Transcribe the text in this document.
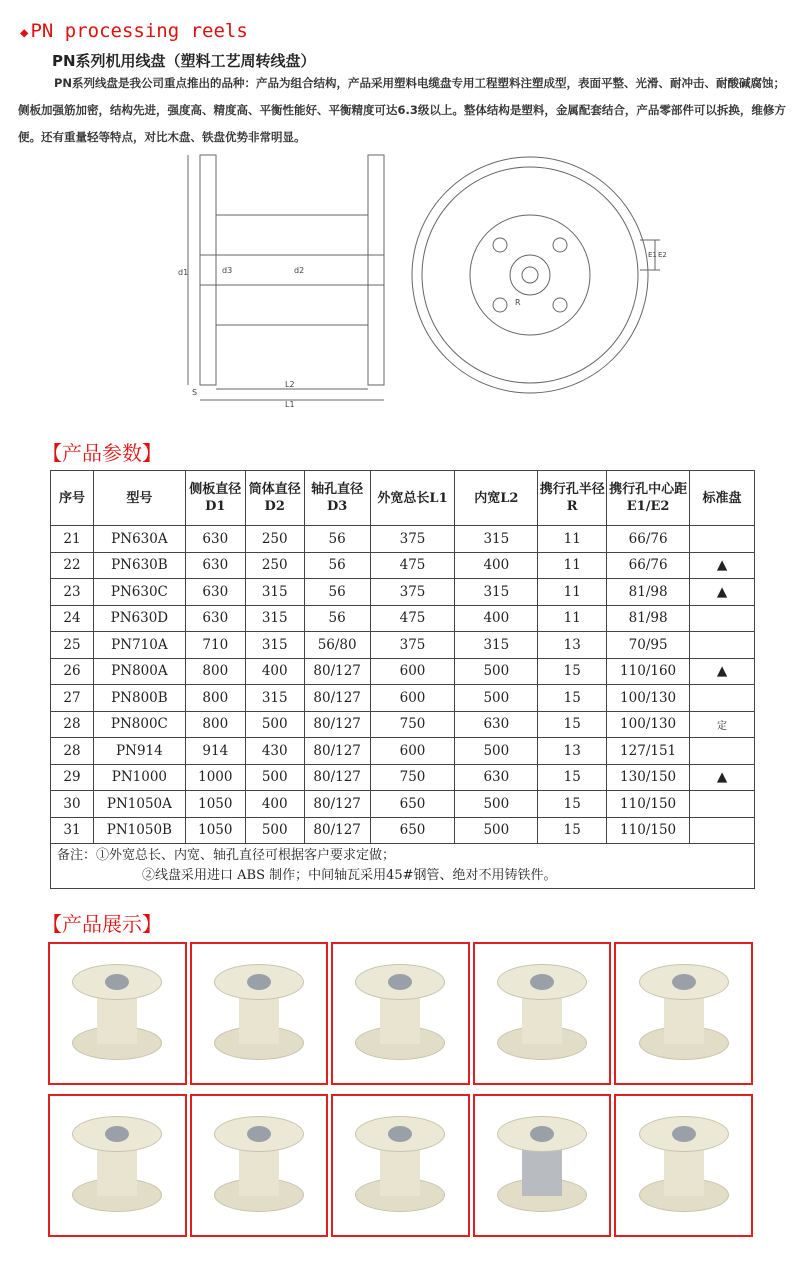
◆ PN processing reels
PN系列机用线盘（塑料工艺周转线盘）
PN系列线盘是我公司重点推出的品种：产品为组合结构，产品采用塑料电缆盘专用工程塑料注塑成型，表面平整、光滑、耐冲击、耐酸碱腐蚀；侧板加强筋加密，结构先进，强度高、精度高、平衡性能好、平衡精度可达6.3级以上。整体结构是塑料，金属配套结合，产品零部件可以拆换，维修方便。还有重量轻等特点，对比木盘、铁盘优势非常明显。
d1	d3	d2
S
L2
L1
R
E1 E2
【产品参数】
序号	型号	侧板直径D1	筒体直径D2	轴孔直径D3	外宽总长L1	内宽L2	携行孔半径R	携行孔中心距E1/E2	标准盘
21	PN630A	630	250	56	375	315	11	66/76	
22	PN630B	630	250	56	475	400	11	66/76	▲
23	PN630C	630	315	56	375	315	11	81/98	▲
24	PN630D	630	315	56	475	400	11	81/98	
25	PN710A	710	315	56/80	375	315	13	70/95	
26	PN800A	800	400	80/127	600	500	15	110/160	▲
27	PN800B	800	315	80/127	600	500	15	100/130	
28	PN800C	800	500	80/127	750	630	15	100/130	定
28	PN914	914	430	80/127	600	500	13	127/151	
29	PN1000	1000	500	80/127	750	630	15	130/150	▲
30	PN1050A	1050	400	80/127	650	500	15	110/150	
31	PN1050B	1050	500	80/127	650	500	15	110/150	

备注：①外宽总长、内宽、轴孔直径可根据客户要求定做；
②线盘采用进口 ABS 制作；中间轴瓦采用45#钢管、绝对不用铸铁件。									
【产品展示】
